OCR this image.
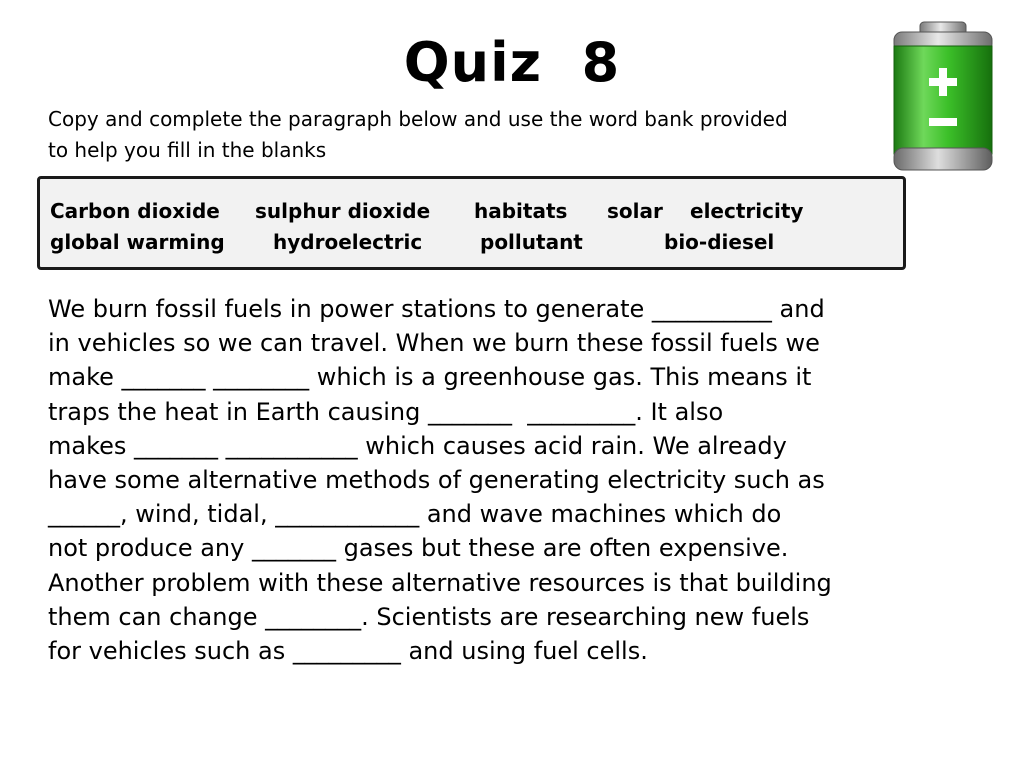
Quiz  8
Copy and complete the paragraph below and use the word bank provided
to help you fill in the blanks
Carbon dioxide sulphur dioxide habitats solar electricity
global warming hydroelectric	pollutant	bio-diesel
We burn fossil fuels in power stations to generate __________ and
in vehicles so we can travel. When we burn these fossil fuels we
make _______ ________ which is a greenhouse gas. This means it
traps the heat in Earth causing _______  _________. It also
makes _______ ___________ which causes acid rain. We already
have some alternative methods of generating electricity such as
______, wind, tidal, ____________ and wave machines which do
not produce any _______ gases but these are often expensive.
Another problem with these alternative resources is that building
them can change ________. Scientists are researching new fuels
for vehicles such as _________ and using fuel cells.
